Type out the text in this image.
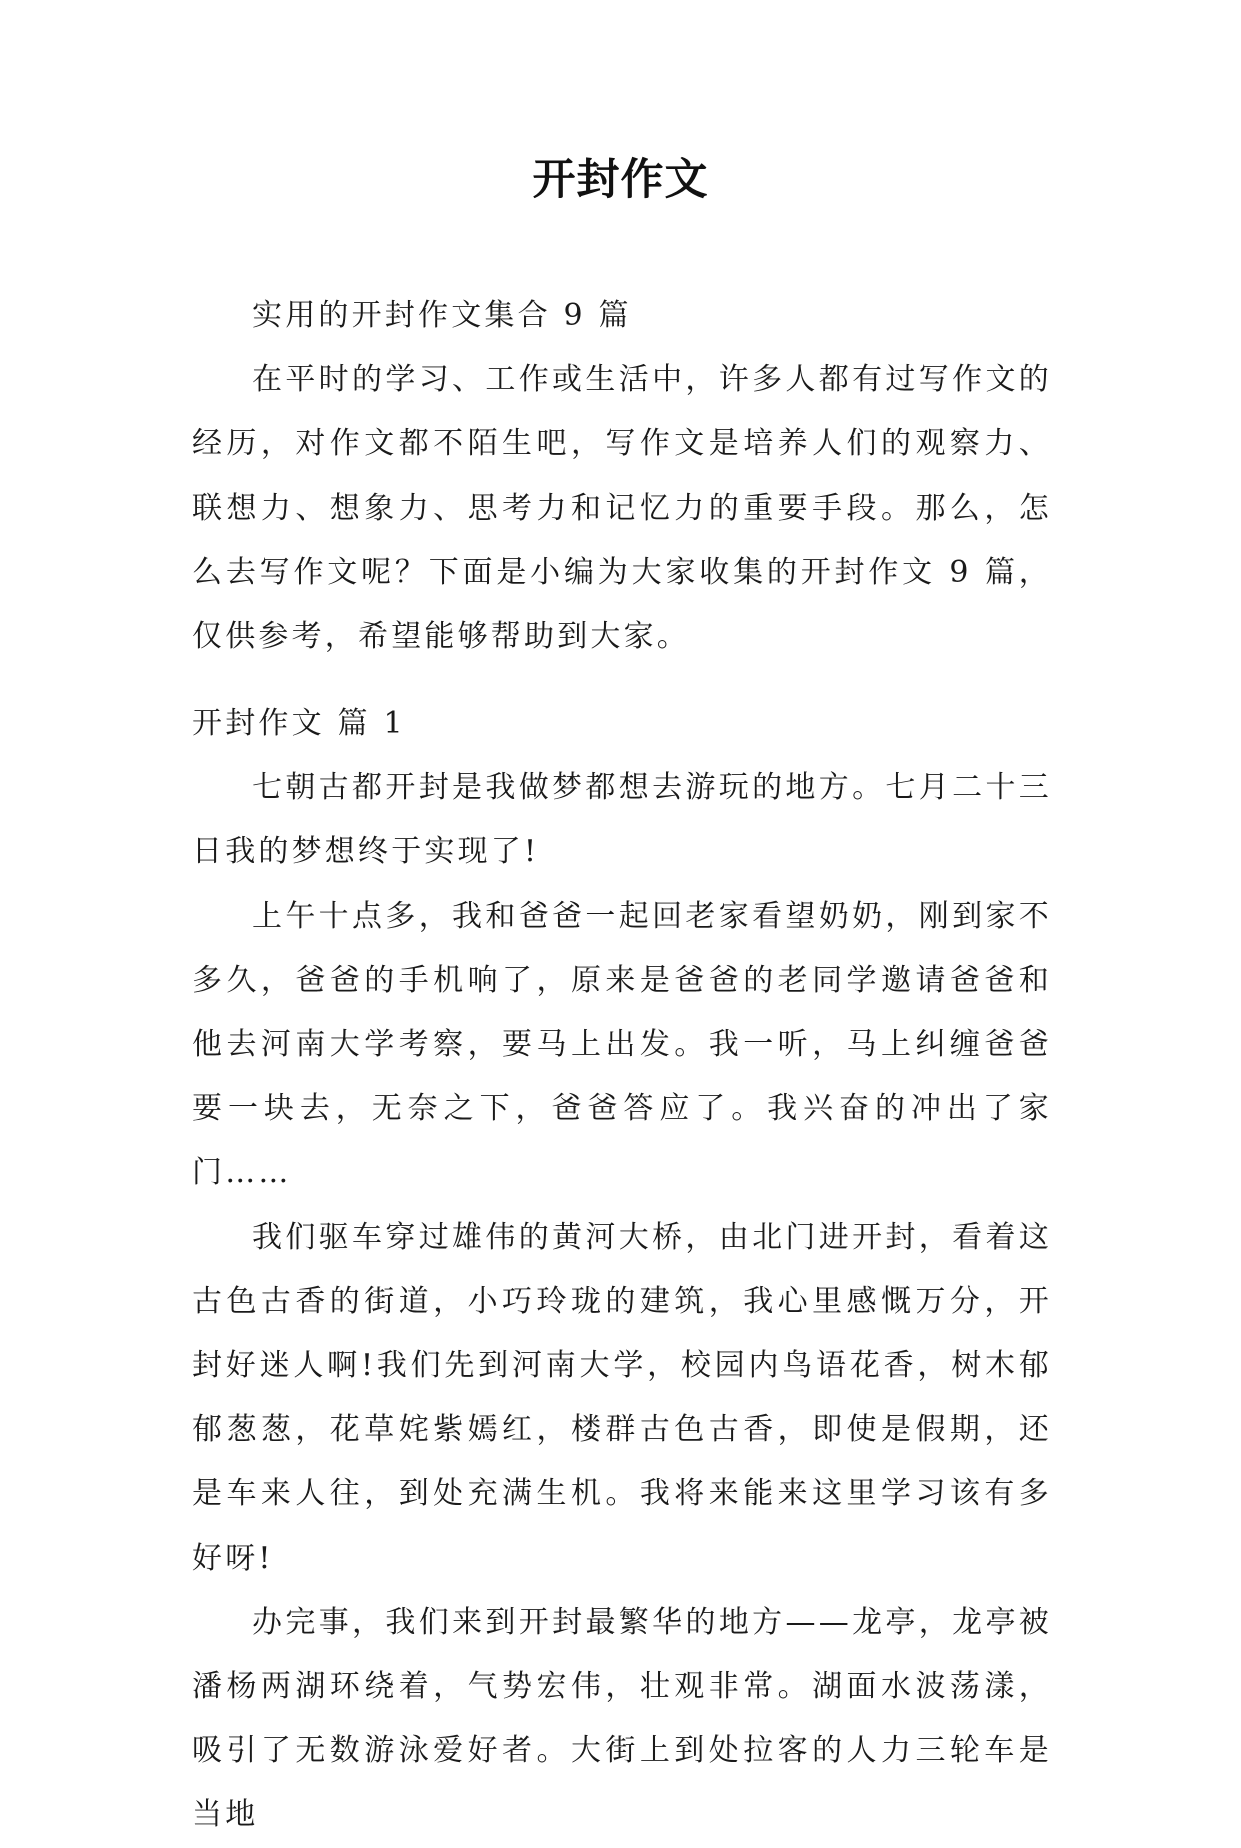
开封作文

实用的开封作文集合 9 篇

在平时的学习、工作或生活中，许多人都有过写作文的经历，对作文都不陌生吧，写作文是培养人们的观察力、联想力、想象力、思考力和记忆力的重要手段。那么，怎么去写作文呢？下面是小编为大家收集的开封作文 9 篇，仅供参考，希望能够帮助到大家。

开封作文 篇 1

七朝古都开封是我做梦都想去游玩的地方。七月二十三日我的梦想终于实现了!

上午十点多，我和爸爸一起回老家看望奶奶，刚到家不多久，爸爸的手机响了，原来是爸爸的老同学邀请爸爸和他去河南大学考察，要马上出发。我一听，马上纠缠爸爸要一块去，无奈之下，爸爸答应了。我兴奋的冲出了家门……

我们驱车穿过雄伟的黄河大桥，由北门进开封，看着这古色古香的街道，小巧玲珑的建筑，我心里感慨万分，开封好迷人啊!我们先到河南大学，校园内鸟语花香，树木郁郁葱葱，花草姹紫嫣红，楼群古色古香，即使是假期，还是车来人往，到处充满生机。我将来能来这里学习该有多好呀!

办完事，我们来到开封最繁华的地方——龙亭，龙亭被潘杨两湖环绕着，气势宏伟，壮观非常。湖面水波荡漾，吸引了无数游泳爱好者。大街上到处拉客的人力三轮车是当地
